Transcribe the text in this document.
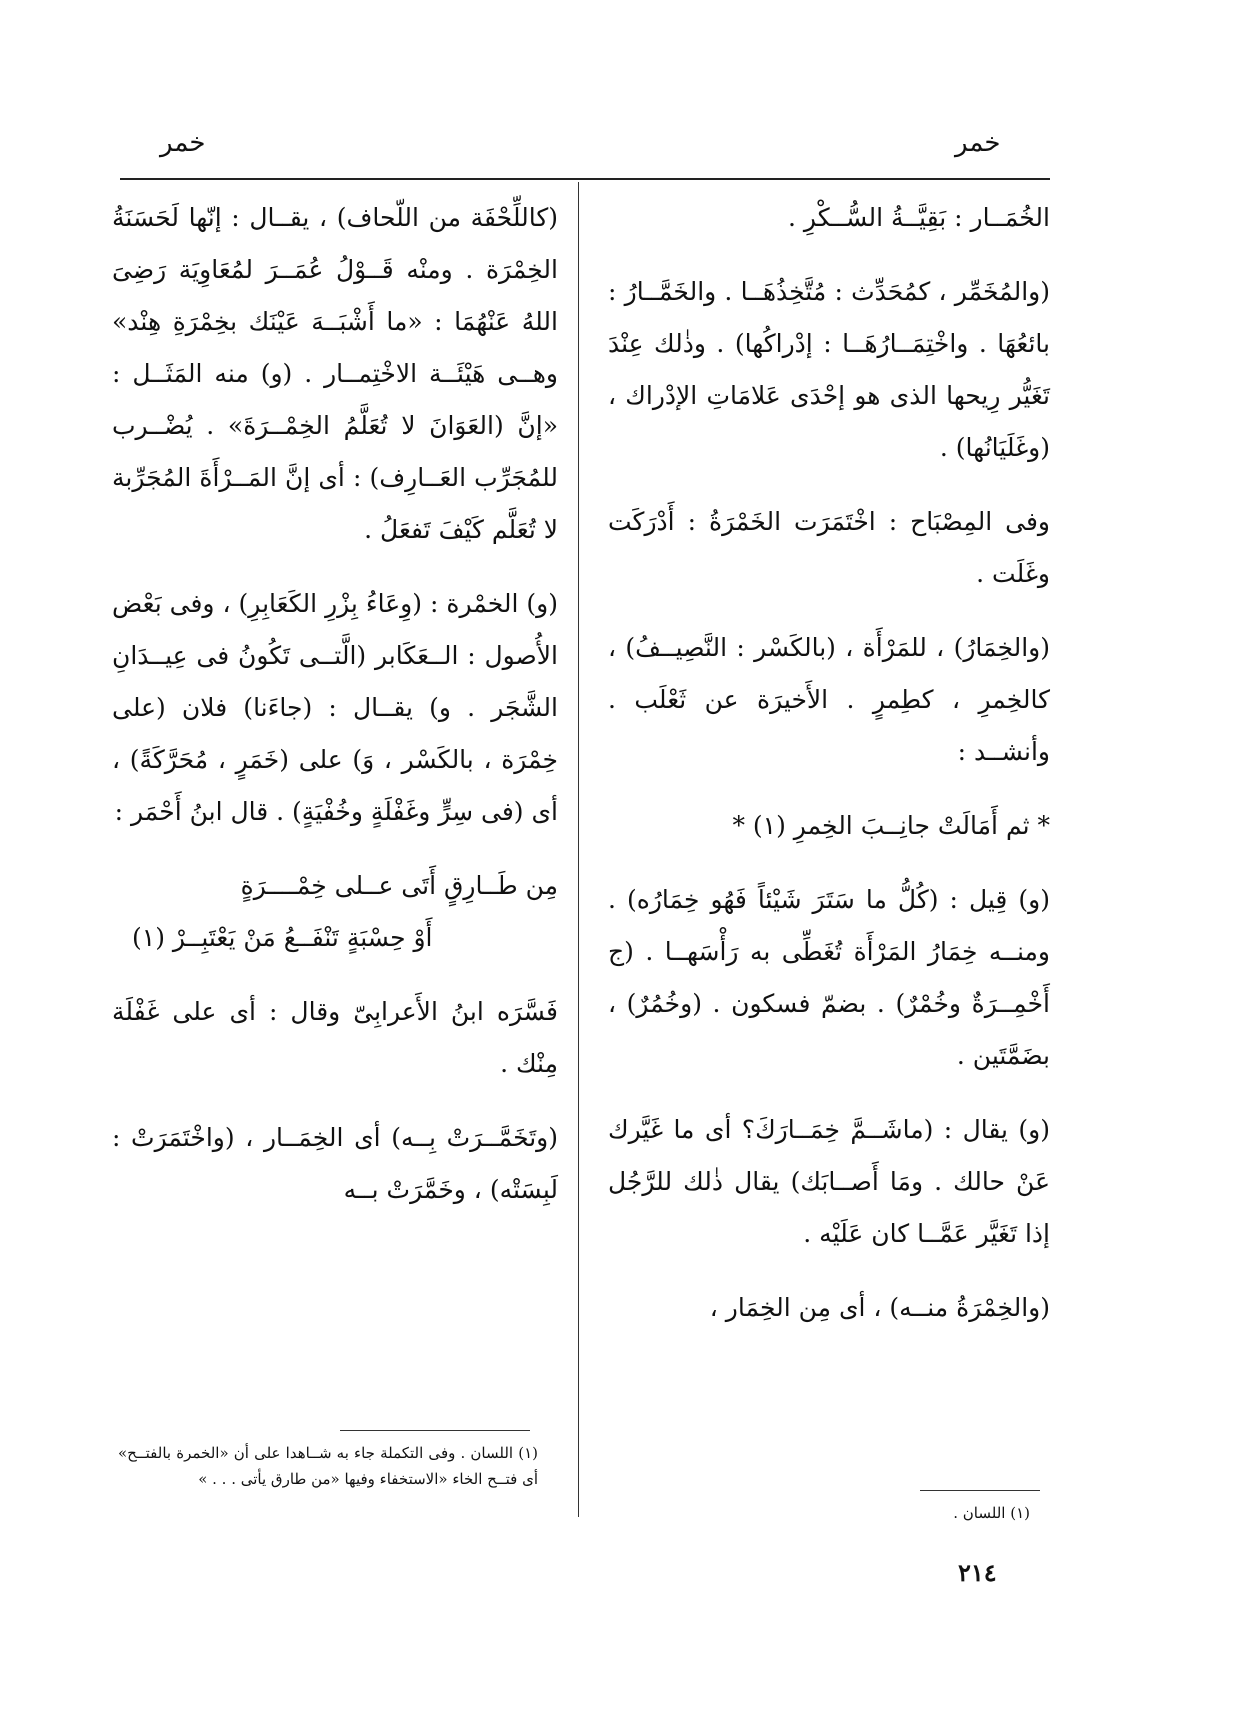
خمر	خمر

الخُمَــار : بَقِيَّــةُ السُّــكْرِ .

(والمُخَمِّر ، كمُحَدِّث : مُتَّخِذُهَــا . والخَمَّــارُ : بائعُهَا . واخْتِمَــارُهَــا : إدْراكُها) . وذٰلك عِنْدَ تَغَيُّر رِيحها الذى هو إحْدَى عَلامَاتِ الإدْراك ، (وغَلَيَانُها) .

وفى المِصْبَاح : اخْتَمَرَت الخَمْرَةُ : أَدْرَكَت وغَلَت .

(والخِمَارُ) ، للمَرْأَة ، (بالكَسْر : النَّصِيــفُ) ، كالخِمرِ ، كطِمرٍ . الأَخيرَة عن ثَعْلَب . وأنشــد :

* ثم أَمَالَتْ جانِــبَ الخِمرِ (١) *

(و) قِيل : (كُلُّ ما سَتَرَ شَيْئاً فَهُو خِمَارُه) . ومنــه خِمَارُ المَرْأَة تُغَطِّى به رَأْسَهــا . (ج أَخْمِــرَةٌ وخُمْرٌ) . بضمّ فسكون . (وخُمُرٌ) ، بضَمَّتَين .

(و) يقال : (ماشَــمَّ خِمَــارَكَ؟ أى ما غَيَّرك عَنْ حالك . ومَا أَصــابَك) يقال ذٰلك للرَّجُل إذا تَغَيَّر عَمَّــا كان عَلَيْه .

(والخِمْرَةُ منــه) ، أى مِن الخِمَار ،

(كاللِّحْفَة من اللّحاف) ، يقــال : إنّها لَحَسَنَةُ الخِمْرَة . ومنْه قَــوْلُ عُمَــرَ لمُعَاوِيَة رَضِىَ اللهُ عَنْهُمَا : «ما أَشْبَــهَ عَيْنَك بخِمْرَةِ هِنْد» وهــى هَيْئَــة الاخْتِمــار . (و) منه المَثَــل : «إنَّ (العَوَانَ لا تُعَلَّمُ الخِمْــرَةَ» . يُضْــرب للمُجَرِّب العَــارِف) : أى إنَّ المَــرْأَةَ المُجَرِّبة لا تُعَلَّم كَيْفَ تَفعَلُ .

(و) الخمْرة : (وِعَاءُ بِزْرِ الكَعَابِرِ) ، وفى بَعْض الأُصول : الــعَكَابر (الَّتــى تَكُونُ فى عِيــدَانِ الشَّجَر . و) يقــال : (جاءَنا) فلان (على خِمْرَة ، بالكَسْر ، وَ) على (خَمَرٍ ، مُحَرَّكَةً) ، أى (فى سِرٍّ وغَفْلَةٍ وخُفْيَةٍ) . قال ابنُ أَحْمَر :

مِن طَــارِقٍ أَتَى عــلى خِمْــــرَةٍ
أَوْ حِسْبَةٍ تَنْفَــعُ مَنْ يَعْتَبِــرْ (١)

فَسَّرَه ابنُ الأَعرابِىّ وقال : أى على غَفْلَة مِنْك .

(وتَخَمَّــرَتْ بِــه) أى الخِمَــار ، (واخْتَمَرَتْ : لَبِسَتْه) ، وخَمَّرَتْ بــه

(١) اللسان . وفى التكملة جاء به شــاهدا على أن «الخمرة بالفتــح» أى فتــح الخاء «الاستخفاء وفيها «من طارق يأتى . . . »
(١) اللسان .
٢١٤
